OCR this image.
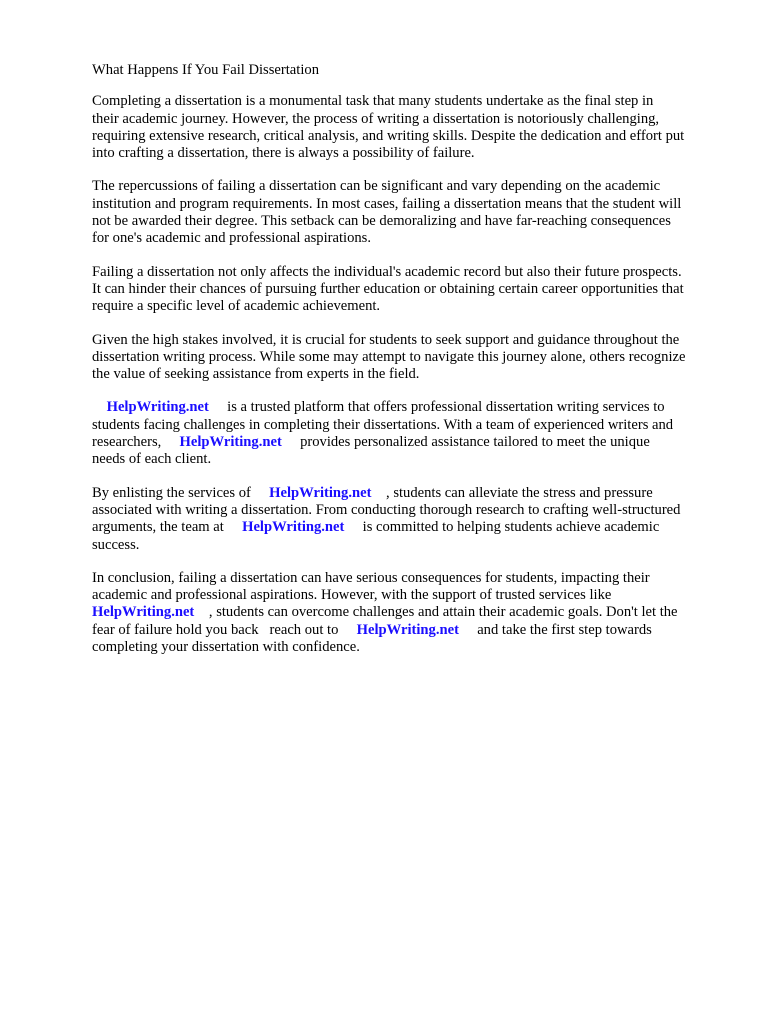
What Happens If You Fail Dissertation

Completing a dissertation is a monumental task that many students undertake as the final step in
their academic journey. However, the process of writing a dissertation is notoriously challenging,
requiring extensive research, critical analysis, and writing skills. Despite the dedication and effort put
into crafting a dissertation, there is always a possibility of failure.

The repercussions of failing a dissertation can be significant and vary depending on the academic
institution and program requirements. In most cases, failing a dissertation means that the student will
not be awarded their degree. This setback can be demoralizing and have far-reaching consequences
for one's academic and professional aspirations.

Failing a dissertation not only affects the individual's academic record but also their future prospects.
It can hinder their chances of pursuing further education or obtaining certain career opportunities that
require a specific level of academic achievement.

Given the high stakes involved, it is crucial for students to seek support and guidance throughout the
dissertation writing process. While some may attempt to navigate this journey alone, others recognize
the value of seeking assistance from experts in the field.

 HelpWriting.net  is a trusted platform that offers professional dissertation writing services to
students facing challenges in completing their dissertations. With a team of experienced writers and
researchers,  HelpWriting.net  provides personalized assistance tailored to meet the unique
needs of each client.

By enlisting the services of  HelpWriting.net  , students can alleviate the stress and pressure
associated with writing a dissertation. From conducting thorough research to crafting well-structured
arguments, the team at  HelpWriting.net  is committed to helping students achieve academic
success.

In conclusion, failing a dissertation can have serious consequences for students, impacting their
academic and professional aspirations. However, with the support of trusted services like
HelpWriting.net  , students can overcome challenges and attain their academic goals. Don't let the
fear of failure hold you back reach out to  HelpWriting.net  and take the first step towards
completing your dissertation with confidence.
